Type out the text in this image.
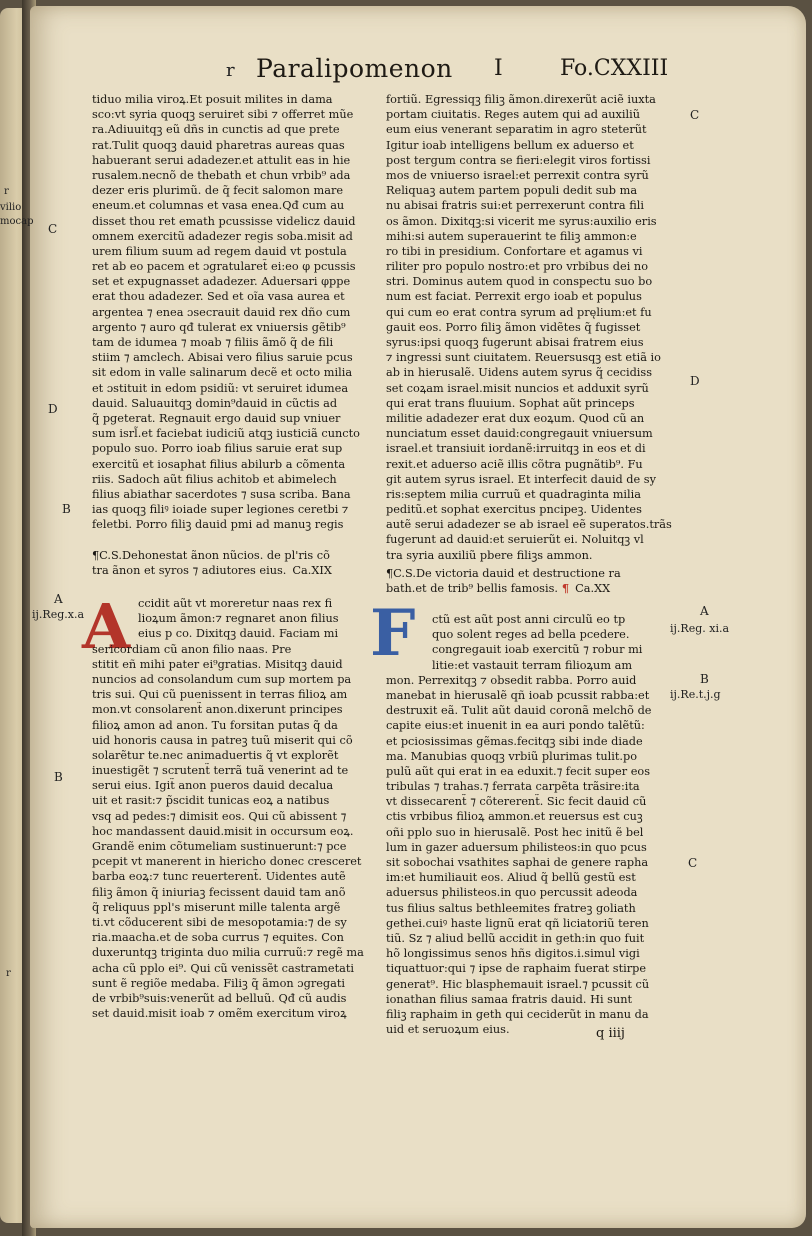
r
vilio
mocap
r
r Paralipomenon I	Fo.CXXIII
C
D
B
A
ij.Reg.x.a
B
C
D
A
ij.Reg. xi.a
B
ij.Re.t.j.g
C
tiduo milia viroꝝ.Et posuit milites in dama
sco:vt syria quoqꝫ seruiret sibi ⁊ offerret mũe
ra.Adiuuitqꝫ eũ dñs in cunctis ad que prete
rat.Tulit quoqꝫ dauid pharetras aureas quas
habuerant serui adadezer.et attulit eas in hie
rusalem.necnõ de thebath et chun vrbib⁹ ada
dezer eris plurimũ. de q̃ fecit salomon mare
eneum.et columnas et vasa enea.Qđ cum au
disset thou ret emath pcussisse videlicz dauid
omnem exercitũ adadezer regis soba.misit ad
urem filium suum ad regem dauid vt postula
ret ab eo pacem et ɔgratularet̃ ei:eo φ pcussis
set et expugnasset adadezer. Aduersari φppe
erat thou adadezer. Sed et oĩa vasa aurea et
argentea ⁊ enea ɔsecrauit dauid rex dño cum
argento ⁊ auro qđ tulerat ex vniuersis gẽtib⁹
tam de idumea ⁊ moab ⁊ filiis ãmõ q̃ de fili
stiim ⁊ amclech. Abisai vero filius saruie pcus
sit edom in valle salinarum decẽ et octo milia
et ɔstituit in edom psidiũ: vt seruiret idumea
dauid. Saluauitqꝫ domin⁹dauid in cũctis ad
q̃ pgeterat. Regnauit ergo dauid sup vniuer
sum isrl̃.et faciebat iudiciũ atqꝫ iusticiã cuncto
populo suo. Porro ioab filius saruie erat sup
exercitũ et iosaphat filius abilurb a cõmenta
riis. Sadoch aũt filius achitob et abimelech
filius abiathar sacerdotes ⁊ susa scriba. Bana
ias quoqꝫ filiꝰ ioiade super legiones ceretbi ⁊
feletbi. Porro filiꝫ dauid pmi ad manuꝫ regis
¶C.S.Dehonestat ãnon nũcios. de pl'ris cõ
tra ãnon et syros ⁊ adiutores eius. Ca.XIX
A ccidit aũt vt moreretur naas rex fi
lioꝝum ãmon:⁊ regnaret anon filius
eius p co. Dixitqꝫ dauid. Faciam mi
sericordiam cũ anon filio naas. Pre
stitit eñ mihi pater ei⁹gratias. Misitqꝫ dauid
nuncios ad consolandum cum sup mortem pa
tris sui. Qui cũ puenissent in terras filioꝝ am
mon.vt consolarent̃ anon.dixerunt principes
filioꝝ amon ad anon. Tu forsitan putas q̃ da
uid honoris causa in patreꝫ tuũ miserit qui cõ
solarẽtur te.nec animaduertis q̃ vt explorẽt
inuestigẽt ⁊ scrutent̃ terrã tuã venerint ad te
serui eius. Igit̃ anon pueros dauid decalua
uit et rasit:⁊ p̃scidit tunicas eoꝝ a natibus
vsq ad pedes:⁊ dimisit eos. Qui cũ abissent ⁊
hoc mandassent dauid.misit in occursum eoꝝ.
Grandẽ enim cõtumeliam sustinuerunt:⁊ pce
pcepit vt manerent in hiericho donec cresceret
barba eoꝝ:⁊ tunc reuerterent̃. Uidentes autẽ
filiꝫ ãmon q̃ iniuriaꝫ fecissent dauid tam anõ
q̃ reliquus ppl's miserunt mille talenta argẽ
ti.vt cõducerent sibi de mesopotamia:⁊ de sy
ria.maacha.et de soba currus ⁊ equites. Con
duxeruntqꝫ triginta duo milia curruũ:⁊ regẽ ma
acha cũ pplo ei⁹. Qui cũ venissẽt castrametati
sunt ẽ regiõe medaba. Filiꝫ q̃ ãmon ɔgregati
de vrbib⁹suis:venerũt ad belluũ. Qđ cũ audis
set dauid.misit ioab ⁊ omẽm exercitum viroꝝ
fortiũ. Egressiqꝫ filiꝫ ãmon.direxerũt aciẽ iuxta
portam ciuitatis. Reges autem qui ad auxiliũ
eum eius venerant separatim in agro steterũt
Igitur ioab intelligens bellum ex aduerso et
post tergum contra se fieri:elegit viros fortissi
mos de vniuerso israel:et perrexit contra syrũ
Reliquaꝫ autem partem populi dedit sub ma
nu abisai fratris sui:et perrexerunt contra fili
os ãmon. Dixitqꝫ:si vicerit me syrus:auxilio eris
mihi:si autem superauerint te filiꝫ ammon:e
ro tibi in presidium. Confortare et agamus vi
riliter pro populo nostro:et pro vrbibus dei no
stri. Dominus autem quod in conspectu suo bo
num est faciat. Perrexit ergo ioab et populus
qui cum eo erat contra syrum ad pręlium:et fu
gauit eos. Porro filiꝫ ãmon vidẽtes q̃ fugisset
syrus:ipsi quoqꝫ fugerunt abisai fratrem eius
⁊ ingressi sunt ciuitatem. Reuersusqꝫ est etiã io
ab in hierusalẽ. Uidens autem syrus q̃ cecidiss
set coꝝam israel.misit nuncios et adduxit syrũ
qui erat trans fluuium. Sophat aũt princeps
militie adadezer erat dux eoꝝum. Quod cũ an
nunciatum esset dauid:congregauit vniuersum
israel.et transiuit iordanẽ:irruitqꝫ in eos et di
rexit.et aduerso aciẽ illis cõtra pugnãtib⁹. Fu
git autem syrus israel. Et interfecit dauid de sy
ris:septem milia curruũ et quadraginta milia
peditũ.et sophat exercitus pncipeꝫ. Uidentes
autẽ serui adadezer se ab israel eẽ superatos.trãs
fugerunt ad dauid:et seruierũt ei. Noluitqꝫ vl
tra syria auxiliũ pbere filiꝫs ammon.
¶C.S.De victoria dauid et destructione ra
bath.et de trib⁹ bellis famosis. ¶ Ca.XX
F	ctũ est aũt post anni circulũ eo tp
quo solent reges ad bella pcedere.
congregauit ioab exercitũ ⁊ robur mi
litie:et vastauit terram filioꝝum am
mon. Perrexitqꝫ ⁊ obsedit rabba. Porro auid
manebat in hierusalẽ qñ ioab pcussit rabba:et
destruxit eã. Tulit aũt dauid coronã melchõ de
capite eius:et inuenit in ea auri pondo talẽtũ:
et pciosissimas gẽmas.fecitqꝫ sibi inde diade
ma. Manubias quoqꝫ vrbiũ plurimas tulit.po
pulũ aũt qui erat in ea eduxit.⁊ fecit super eos
tribulas ⁊ trahas.⁊ ferrata carpẽta trãsire:ita
vt dissecarent̃ ⁊ cõtererent̃. Sic fecit dauid cũ
ctis vrbibus filioꝝ ammon.et reuersus est cuꝫ
oñi pplo suo in hierusalẽ. Post hec initũ ẽ bel
lum in gazer aduersum philisteos:in quo pcus
sit sobochai vsathites saphai de genere rapha
im:et humiliauit eos. Aliud q̃ bellũ gestũ est
aduersus philisteos.in quo percussit adeoda
tus filius saltus bethleemites fratreꝫ goliath
gethei.cuiꝰ haste lignũ erat qñ liciatoriũ teren
tiũ. Sz ⁊ aliud bellũ accidit in geth:in quo fuit
hõ longissimus senos hñs digitos.i.simul vigi
tiquattuor:qui ⁊ ipse de raphaim fuerat stirpe
generat⁹. Hic blasphemauit israel.⁊ pcussit cũ
ionathan filius samaa fratris dauid. Hi sunt
filiꝫ raphaim in geth qui ceciderũt in manu da
uid et seruoꝝum eius.	q iiij
